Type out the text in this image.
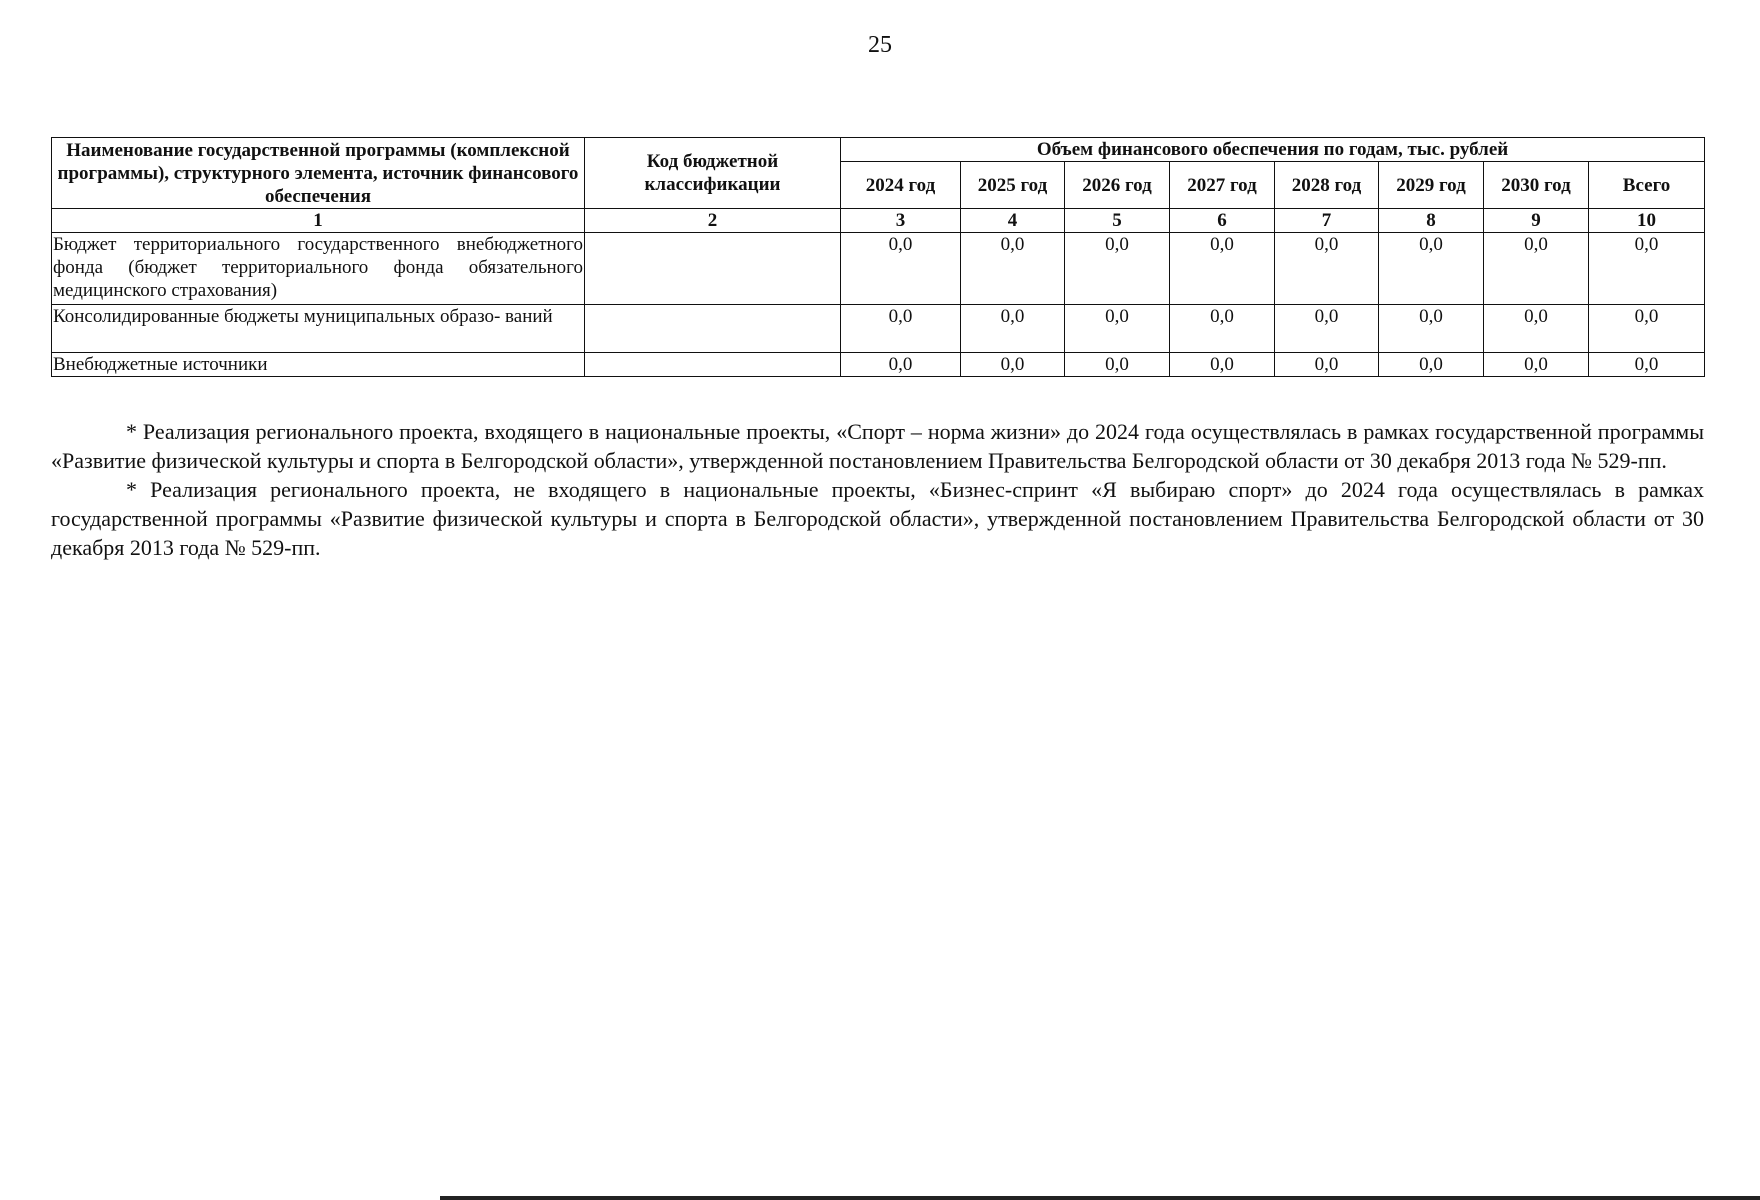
25
Наименование государственной программы (комплексной программы), структурного элемента, источник финансового обеспечения	Код бюджетной классификации	Объем финансового обеспечения по годам, тыс. рублей							
		2024 год	2025 год	2026 год	2027 год	2028 год	2029 год	2030 год	Всего
1	2	3	4	5	6	7	8	9	10
Бюджет территориального государственного внебюджетного фонда (бюджет территориального фонда обязательного медицинского страхования)		0,0	0,0	0,0	0,0	0,0	0,0	0,0	0,0
Консолидированные бюджеты муниципальных образо- ваний		0,0	0,0	0,0	0,0	0,0	0,0	0,0	0,0
Внебюджетные источники		0,0	0,0	0,0	0,0	0,0	0,0	0,0	0,0

* Реализация регионального проекта, входящего в национальные проекты, «Спорт – норма жизни» до 2024 года осуществлялась в рамках государственной программы «Развитие физической культуры и спорта в Белгородской области», утвержденной постановлением Правительства Белгородской области от 30 декабря 2013 года № 529-пп.

* Реализация регионального проекта, не входящего в национальные проекты, «Бизнес-спринт «Я выбираю спорт» до 2024 года осуществлялась в рамках государственной программы «Развитие физической культуры и спорта в Белгородской области», утвержденной постановлением Правительства Белгородской области от 30 декабря 2013 года № 529-пп.
